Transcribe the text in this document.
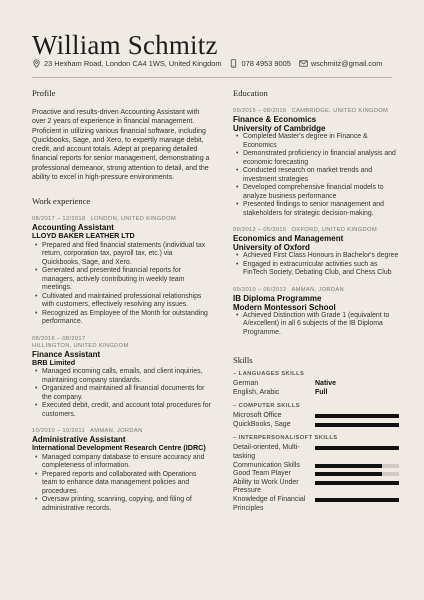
William Schmitz
23 Hexham Road, London CA4 1WS, United Kingdom	078 4953 9005	wschmitz@gmail.com
Profile
Proactive and results-driven Accounting Assistant with over 2 years of experience in financial management. Proficient in utilizing various financial software, including Quickbooks, Sage, and Xero, to expertly manage debit, credit, and account totals. Adept at preparing detailed financial reports for senior management, demonstrating a professional demeanor, strong attention to detail, and the ability to excel in high-pressure environments.
Work experience
08/2017 – 12/2018 LONDON, UNITED KINGDOM
Accounting Assistant
LLOYD BAKER LEATHER LTD
• Prepared and filed financial statements (individual tax return, corporation tax, payroll tax, etc.) via Quickbooks, Sage, and Xero.
• Generated and presented financial reports for managers, actively contributing in weekly team meetings.
• Cultivated and maintained professional relationships with customers, effectively resolving any issues.
• Recognized as Employee of the Month for outstanding performance.
08/2016 – 08/2017
HILLINGTON, UNITED KINGDOM
Finance Assistant
BRB Limited
• Managed incoming calls, emails, and client inquiries, maintaining company standards.
• Organized and maintained all financial documents for the company.
• Executed debit, credit, and account total procedures for customers.
10/2010 – 10/2011 AMMAN, JORDAN
Administrative Assistant
International Development Research Centre (IDRC)
• Managed company database to ensure accuracy and completeness of information.
• Prepared reports and collaborated with Operations team to enhance data management policies and procedures.
• Oversaw printing, scanning, copying, and filing of administrative records.
Education
09/2015 – 08/2016 CAMBRIDGE, UNITED KINGDOM
Finance & Economics
University of Cambridge
• Completed Master's degree in Finance & Economics
• Demonstrated proficiency in financial analysis and economic forecasting
• Conducted research on market trends and investment strategies
• Developed comprehensive financial models to analyze business performance
• Presented findings to senior management and stakeholders for strategic decision-making.
09/2012 – 05/2015 OXFORD, UNITED KINGDOM
Economics and Management
University of Oxford
• Achieved First Class Honours in Bachelor's degree
• Engaged in extracurricular activities such as FinTech Society, Debating Club, and Chess Club
09/2010 – 06/2012 AMMAN, JORDAN
IB Diploma Programme
Modern Montessori School
• Achieved Distinction with Grade 1 (equivalent to A/excellent) in all 6 subjects of the IB Diploma Programme.
Skills
– LANGUAGES SKILLS
German	Native
English, Arabic	Full
– COMPUTER SKILLS
Microsoft Office
QuickBooks, Sage
– INTERPERSONAL/SOFT SKILLS
Detail-oriented, Multi-tasking
Communication Skills
Good Team Player
Ability to Work Under Pressure
Knowledge of Financial Principles
